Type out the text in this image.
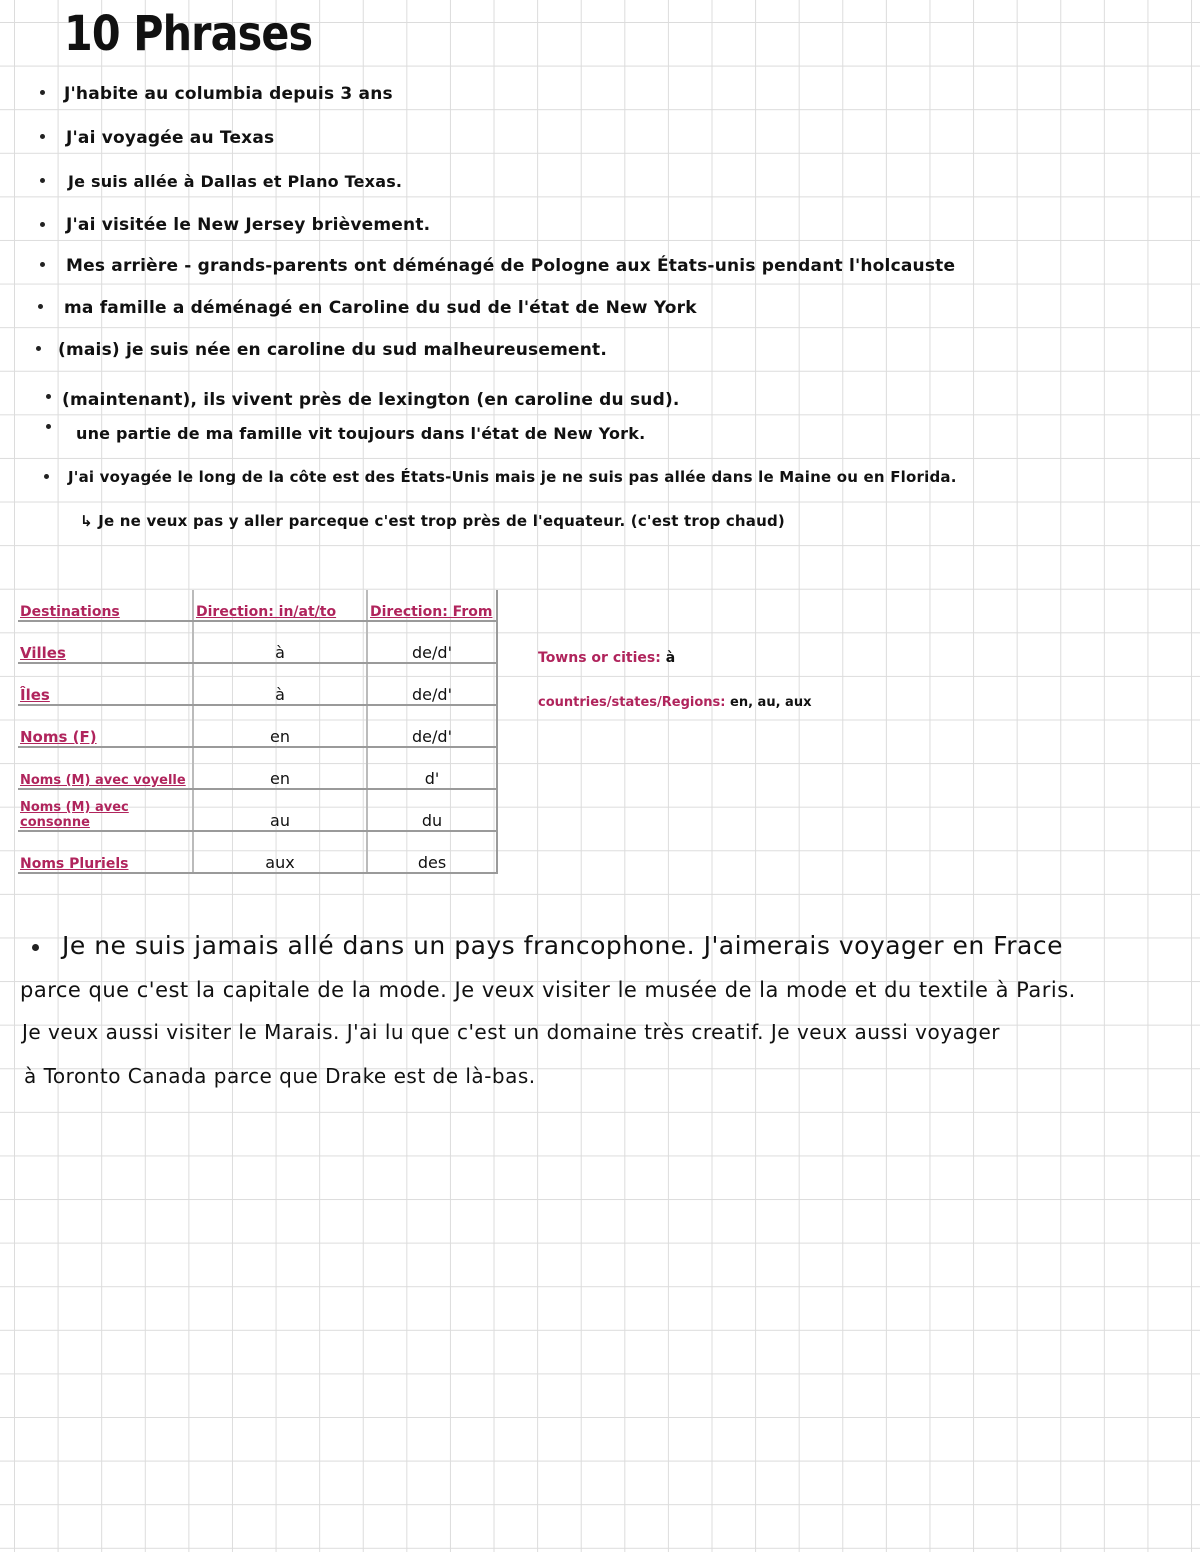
10 Phrases
J'habite au columbia depuis 3 ans
J'ai voyagée au Texas
Je suis allée à Dallas et Plano Texas.
J'ai visitée le New Jersey brièvement.
Mes arrière - grands-parents ont déménagé de Pologne aux États-unis pendant l'holcauste
ma famille a déménagé en Caroline du sud de l'état de New York
(mais) je suis née en caroline du sud malheureusement.
(maintenant), ils vivent près de lexington (en caroline du sud).
une partie de ma famille vit toujours dans l'état de New York.
J'ai voyagée le long de la côte est des États-Unis mais je ne suis pas allée dans le Maine ou en Florida.
↳ Je ne veux pas y aller parceque c'est trop près de l'equateur. (c'est trop chaud)
Destinations	Direction: in/at/to	Direction: From
Villes	à	de/d'
Îles	à	de/d'
Noms (F)	en	de/d'
Noms (M) avec voyelle	en	d'
Noms (M) avec consonne	au	du
Noms Pluriels	aux	des
Towns or cities: à
countries/states/Regions: en, au, aux
Je ne suis jamais allé dans un pays francophone. J'aimerais voyager en Frace
parce que c'est la capitale de la mode. Je veux visiter le musée de la mode et du textile à Paris.
Je veux aussi visiter le Marais. J'ai lu que c'est un domaine très creatif. Je veux aussi voyager
à Toronto Canada parce que Drake est de là-bas.
